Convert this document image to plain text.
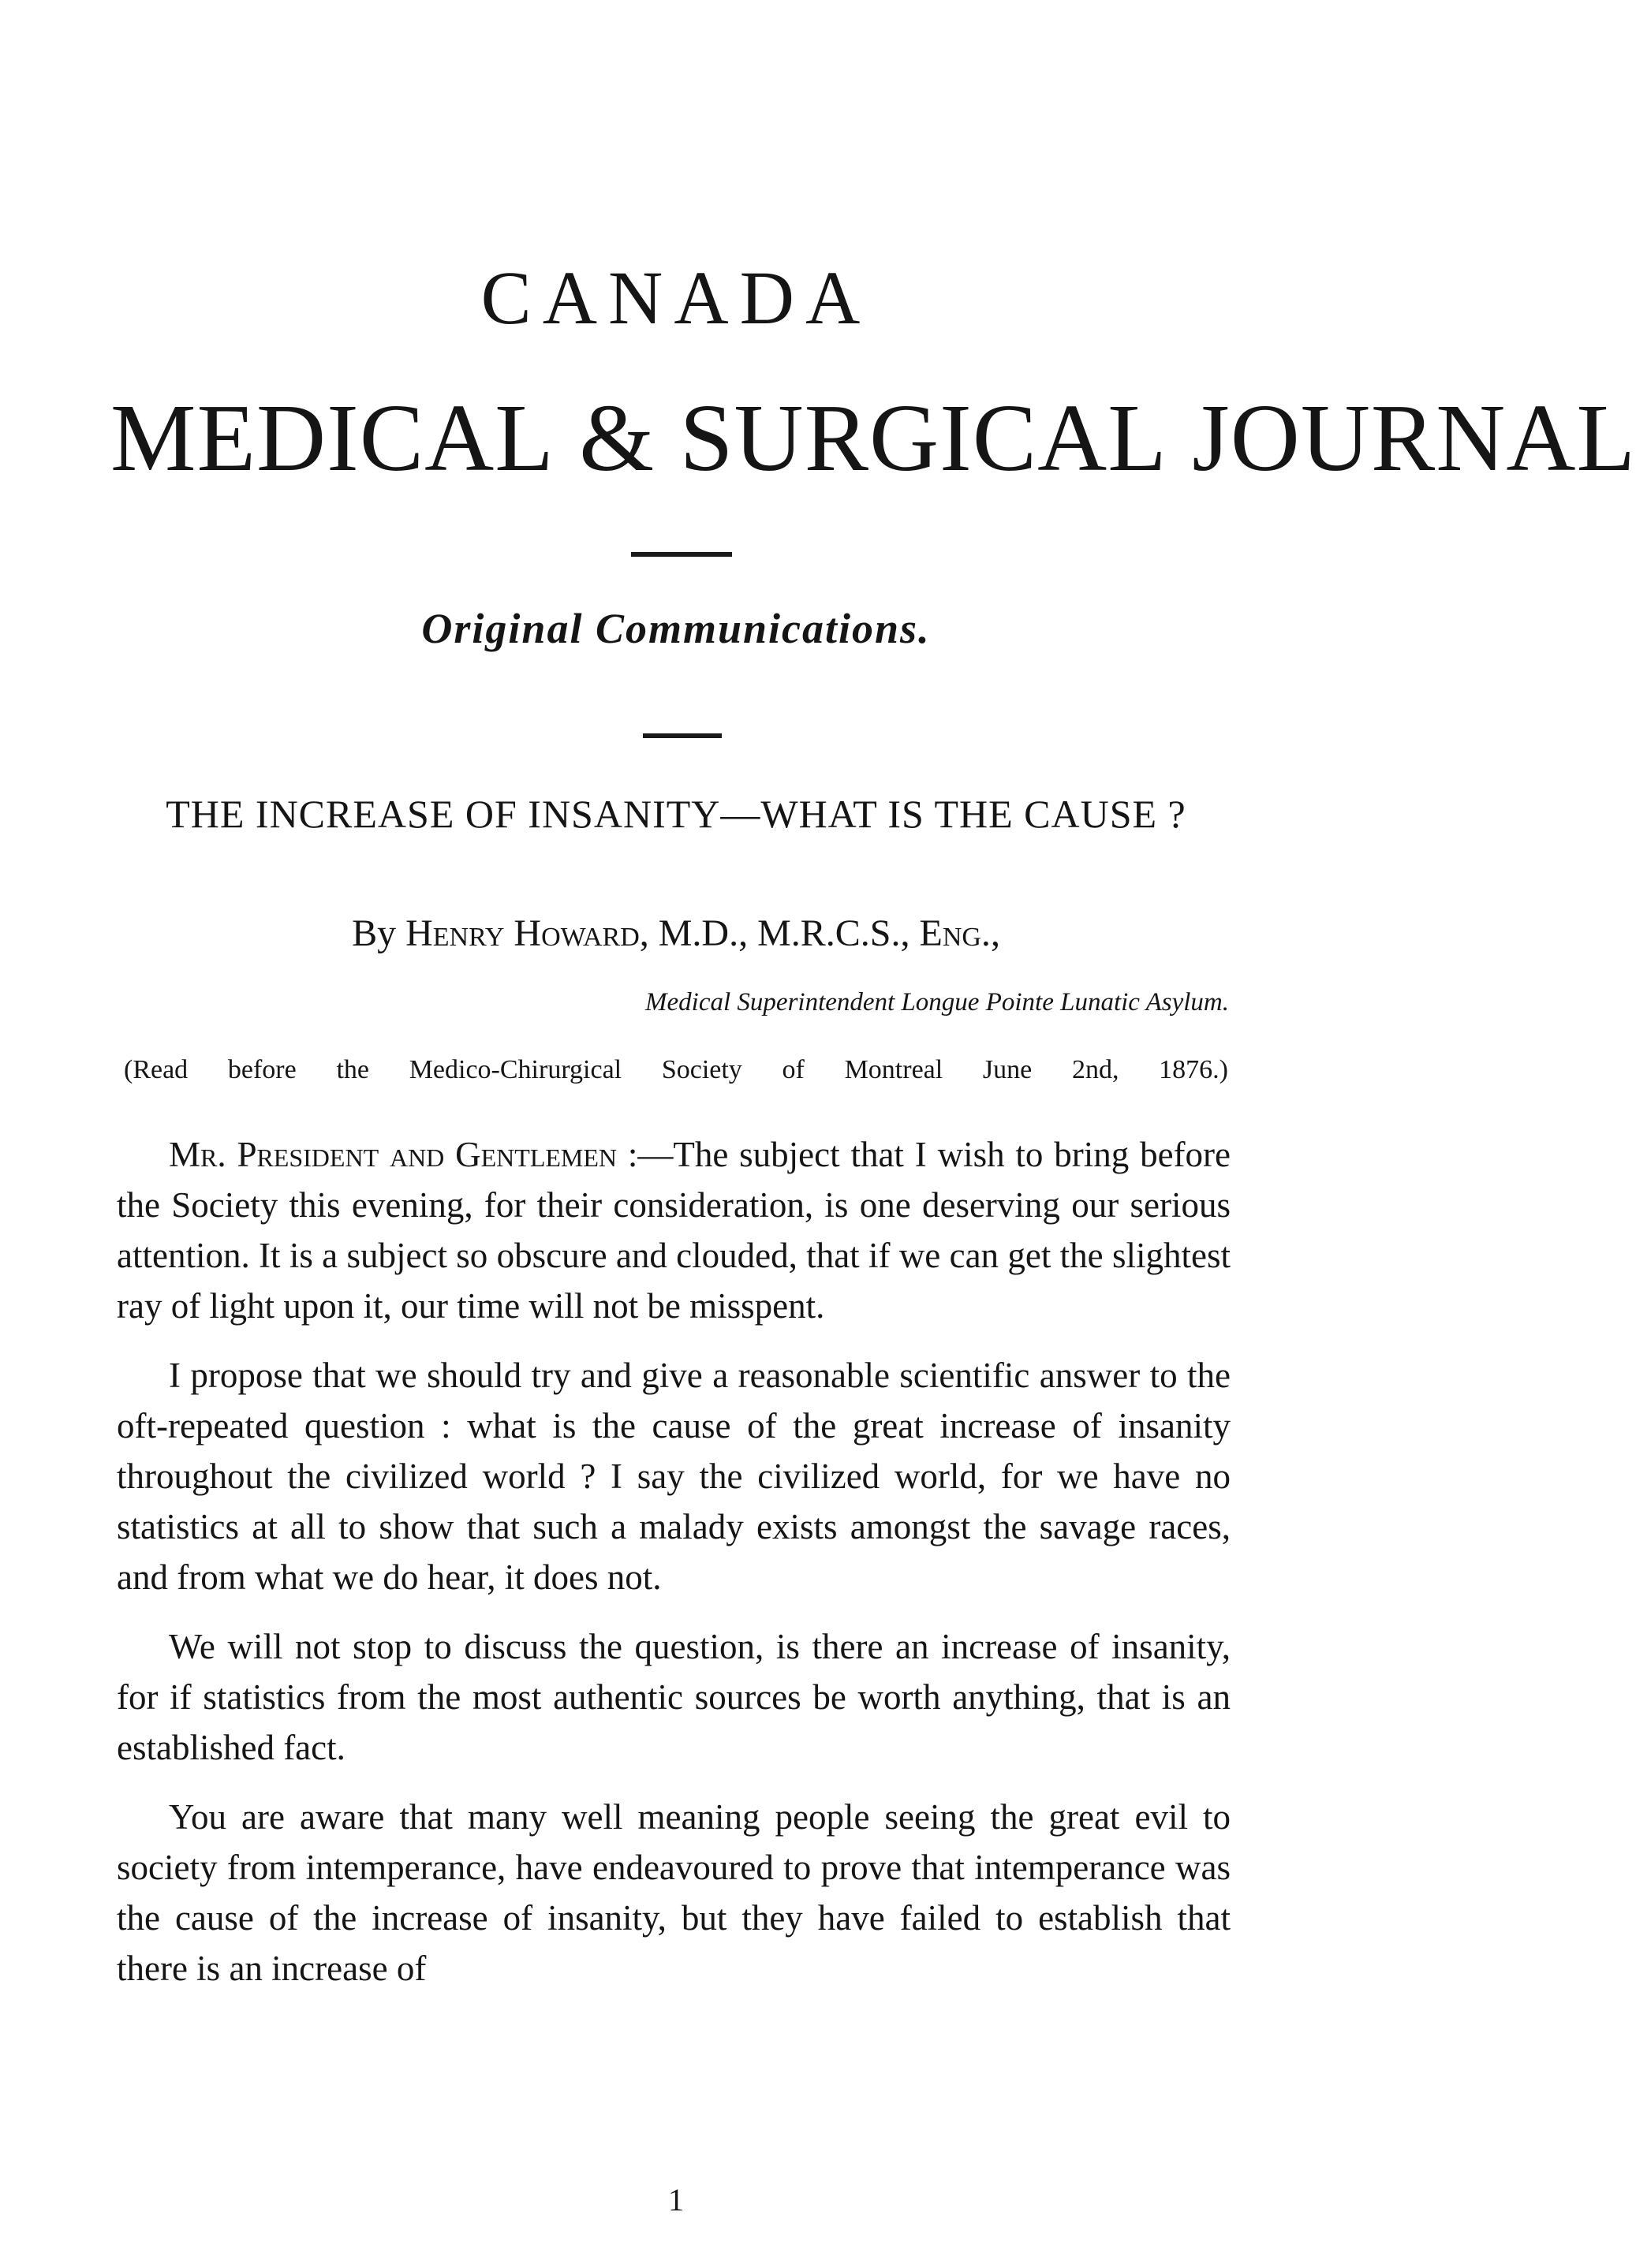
CANADA
MEDICAL & SURGICAL JOURNAL
Original Communications.
THE INCREASE OF INSANITY—WHAT IS THE CAUSE ?
By Henry Howard, M.D., M.R.C.S., Eng.,
Medical Superintendent Longue Pointe Lunatic Asylum.
(Read before the Medico-Chirurgical Society of Montreal June 2nd, 1876.)

Mr. President and Gentlemen :—The subject that I wish to bring before the Society this evening, for their consideration, is one deserving our serious attention. It is a subject so obscure and clouded, that if we can get the slightest ray of light upon it, our time will not be misspent.

I propose that we should try and give a reasonable scientific answer to the oft-repeated question : what is the cause of the great increase of insanity throughout the civilized world ? I say the civilized world, for we have no statistics at all to show that such a malady exists amongst the savage races, and from what we do hear, it does not.

We will not stop to discuss the question, is there an increase of insanity, for if statistics from the most authentic sources be worth anything, that is an established fact.

You are aware that many well meaning people seeing the great evil to society from intemperance, have endeavoured to prove that intemperance was the cause of the increase of insanity, but they have failed to establish that there is an increase of

1
